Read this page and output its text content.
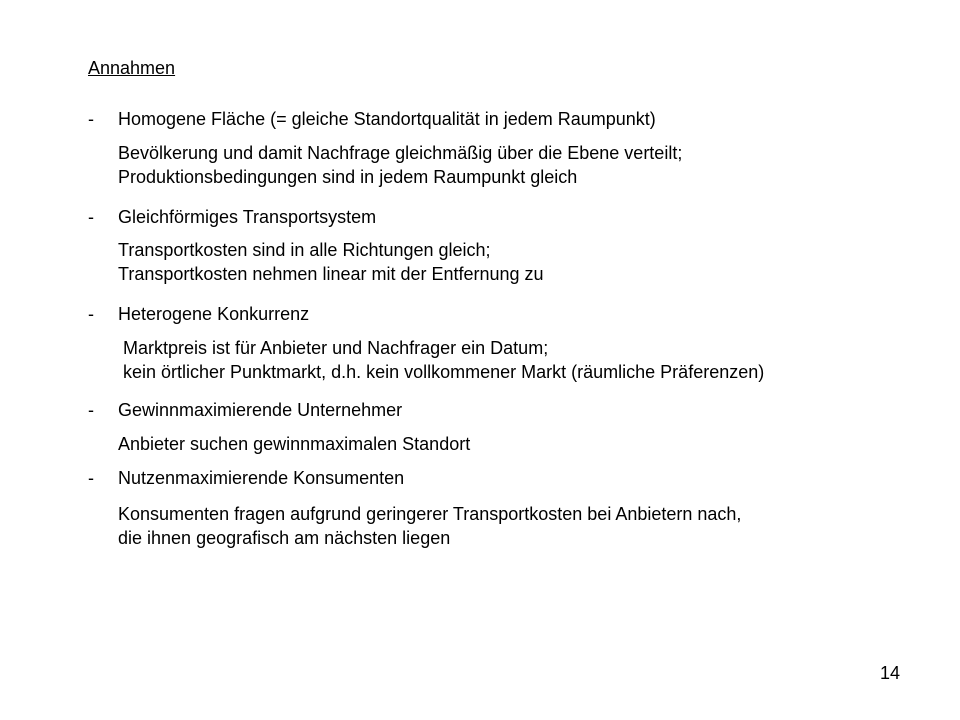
Annahmen
-	Homogene Fläche (= gleiche Standortqualität in jedem Raumpunkt)
Bevölkerung und damit Nachfrage gleichmäßig über die Ebene verteilt;
Produktionsbedingungen sind in jedem Raumpunkt gleich
-	Gleichförmiges Transportsystem
Transportkosten sind in alle Richtungen gleich;
Transportkosten nehmen linear mit der Entfernung zu
-	Heterogene Konkurrenz
Marktpreis ist für Anbieter und Nachfrager ein Datum;
kein örtlicher Punktmarkt, d.h. kein vollkommener Markt (räumliche Präferenzen)
-	Gewinnmaximierende Unternehmer
Anbieter suchen gewinnmaximalen Standort
-	Nutzenmaximierende Konsumenten
Konsumenten fragen aufgrund geringerer Transportkosten bei Anbietern nach,
die ihnen geografisch am nächsten liegen
14
